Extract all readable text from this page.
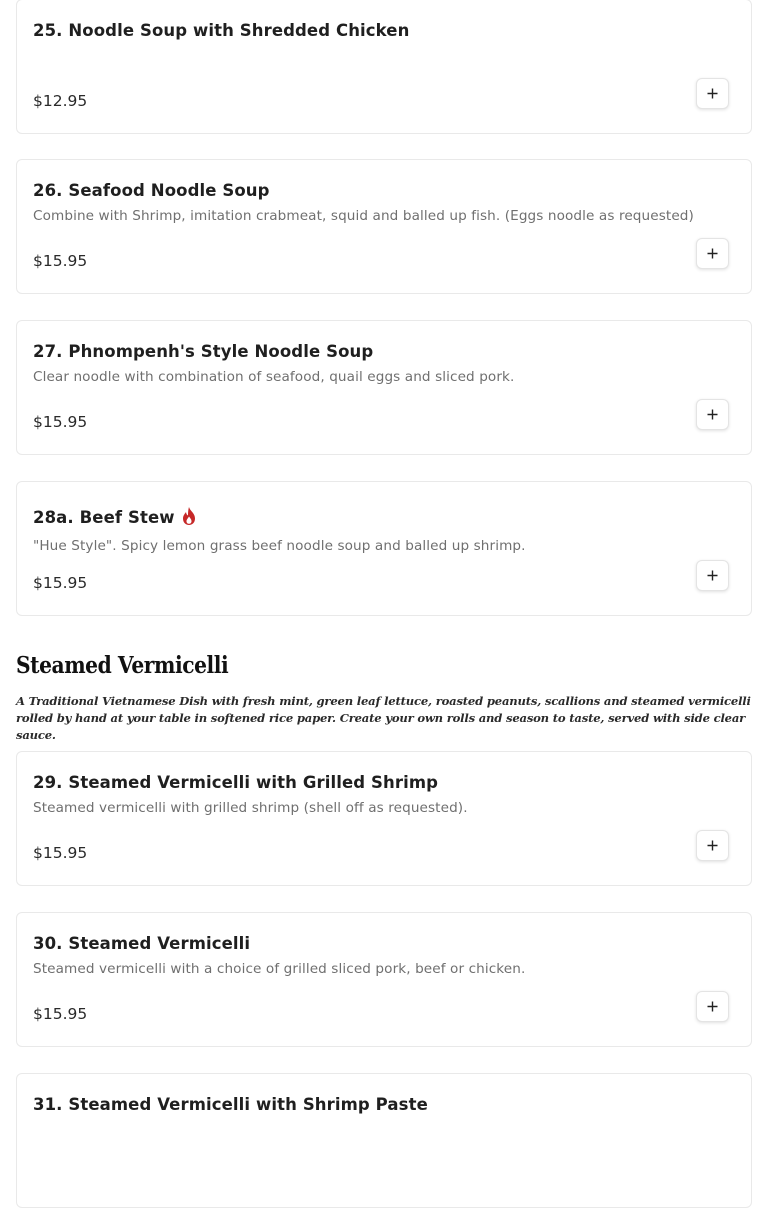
25. Noodle Soup with Shredded Chicken
$12.95
26. Seafood Noodle Soup
Combine with Shrimp, imitation crabmeat, squid and balled up fish. (Eggs noodle as requested)
$15.95
27. Phnompenh's Style Noodle Soup
Clear noodle with combination of seafood, quail eggs and sliced pork.
$15.95
28a. Beef Stew
"Hue Style". Spicy lemon grass beef noodle soup and balled up shrimp.
$15.95
Steamed Vermicelli
A Traditional Vietnamese Dish with fresh mint, green leaf lettuce, roasted peanuts, scallions and steamed vermicelli rolled by hand at your table in softened rice paper. Create your own rolls and season to taste, served with side clear sauce.
29. Steamed Vermicelli with Grilled Shrimp
Steamed vermicelli with grilled shrimp (shell off as requested).
$15.95
30. Steamed Vermicelli
Steamed vermicelli with a choice of grilled sliced pork, beef or chicken.
$15.95
31. Steamed Vermicelli with Shrimp Paste
